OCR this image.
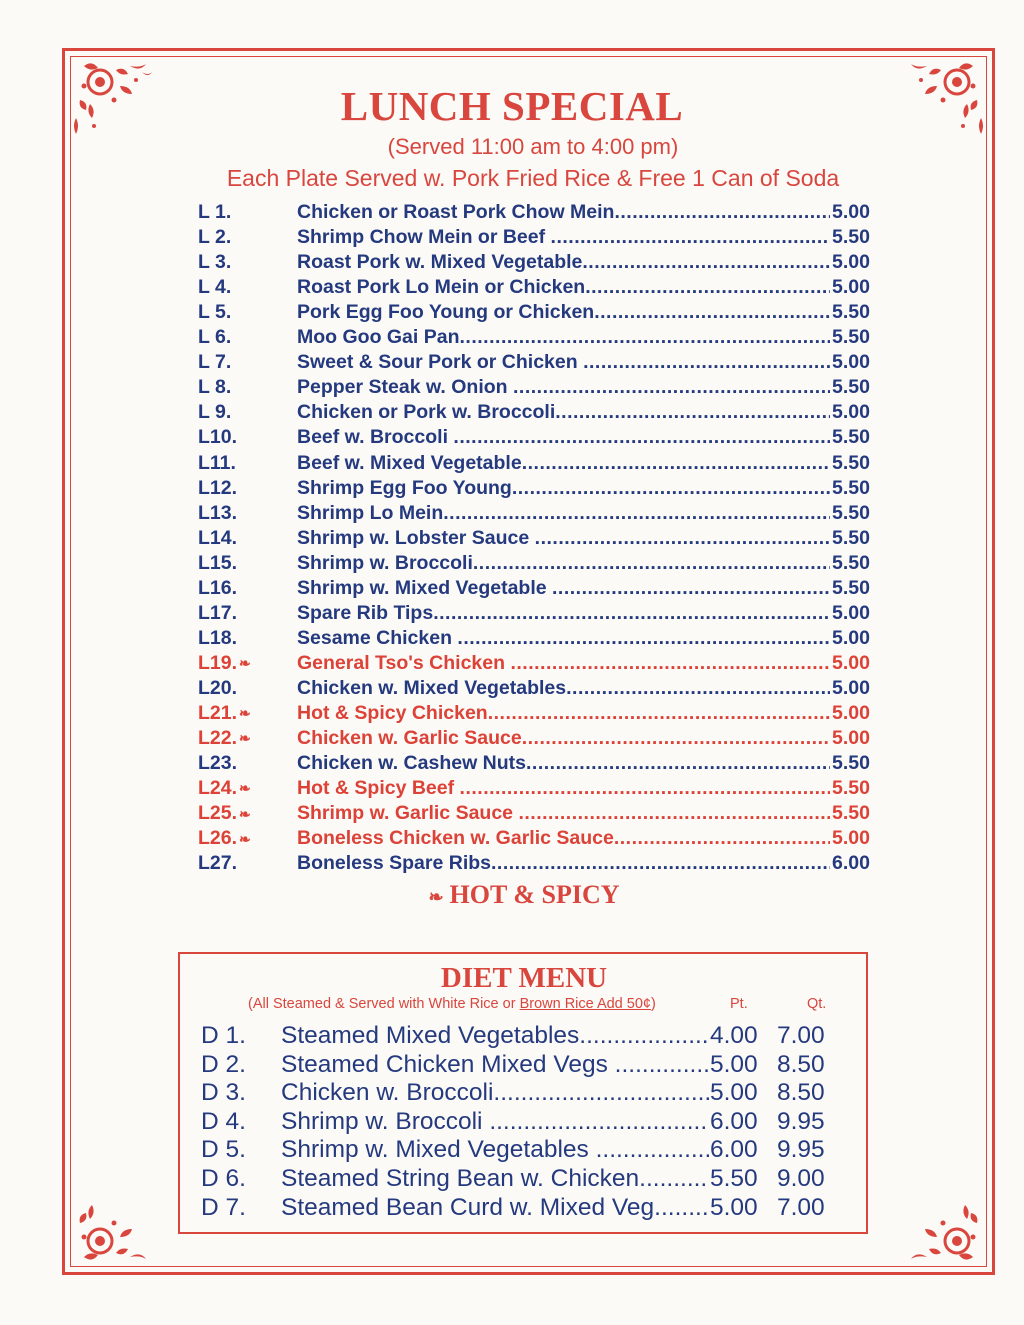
LUNCH SPECIAL
(Served 11:00 am to 4:00 pm)
Each Plate Served w. Pork Fried Rice & Free 1 Can of Soda
L 1.	Chicken or Roast Pork Chow Mein .....	5.00
L 2.	Shrimp Chow Mein or Beef .....	5.50
L 3.	Roast Pork w. Mixed Vegetable .....	5.00
L 4.	Roast Pork Lo Mein or Chicken .....	5.00
L 5.	Pork Egg Foo Young or Chicken .....	5.50
L 6.	Moo Goo Gai Pan .....	5.50
L 7.	Sweet & Sour Pork or Chicken .....	5.00
L 8.	Pepper Steak w. Onion .....	5.50
L 9.	Chicken or Pork w. Broccoli .....	5.00
L10.	Beef w. Broccoli .....	5.50
L11.	Beef w. Mixed Vegetable .....	5.50
L12.	Shrimp Egg Foo Young .....	5.50
L13.	Shrimp Lo Mein .....	5.50
L14.	Shrimp w. Lobster Sauce .....	5.50
L15.	Shrimp w. Broccoli .....	5.50
L16.	Shrimp w. Mixed Vegetable .....	5.50
L17.	Spare Rib Tips .....	5.00
L18.	Sesame Chicken .....	5.00
L19. ❧ General Tso's Chicken .....	5.00
L20.	Chicken w. Mixed Vegetables .....	5.00
L21. ❧ Hot & Spicy Chicken .....	5.00
L22. ❧ Chicken w. Garlic Sauce .....	5.00
L23.	Chicken w. Cashew Nuts .....	5.50
L24. ❧ Hot & Spicy Beef .....	5.50
L25. ❧ Shrimp w. Garlic Sauce .....	5.50
L26. ❧ Boneless Chicken w. Garlic Sauce .....	5.00
L27.	Boneless Spare Ribs .....	6.00
❧ HOT & SPICY
DIET MENU
(All Steamed & Served with White Rice or Brown Rice Add 50¢)	Pt.	Qt.
D 1. Steamed Mixed Vegetables .....	4.00 7.00
D 2. Steamed Chicken Mixed Vegs .....	5.00 8.50
D 3. Chicken w. Broccoli .....	5.00 8.50
D 4. Shrimp w. Broccoli .....	6.00 9.95
D 5. Shrimp w. Mixed Vegetables .....	6.00 9.95
D 6. Steamed String Bean w. Chicken .....	5.50 9.00
D 7. Steamed Bean Curd w. Mixed Veg .....	5.00 7.00
